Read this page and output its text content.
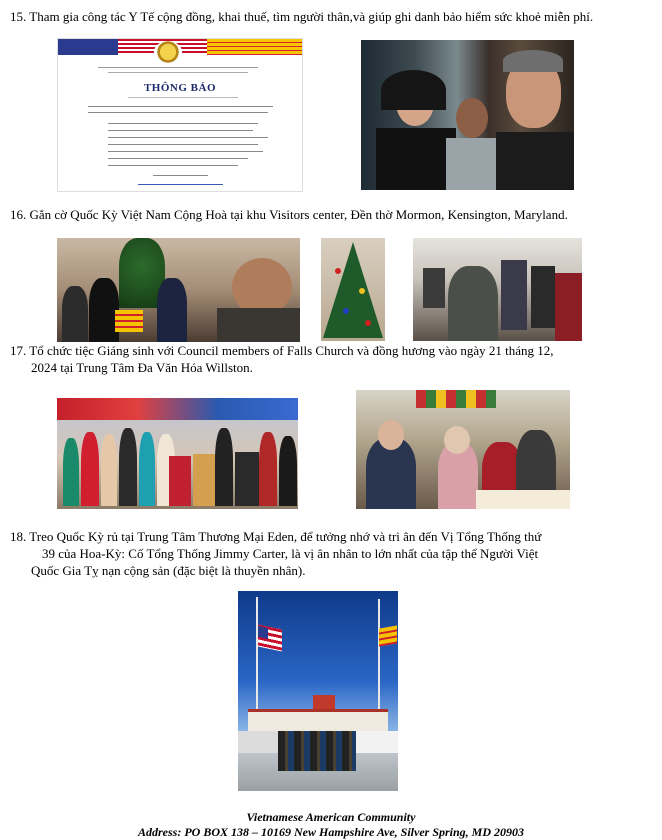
15. Tham gia công tác Y Tế cộng đồng, khai thuế, tìm người thân,và giúp ghi danh bảo hiểm sức khoẻ miễn phí.
THÔNG BÁO
16. Gắn cờ Quốc Kỳ Việt Nam Cộng Hoà tại khu Visitors center, Đền thờ Mormon, Kensington, Maryland.
17. Tổ chức tiệc Giáng sinh với Council members of Falls Church và đồng hương vào ngày 21 tháng 12,
2024 tại Trung Tâm Đa Văn Hóa Willston.
18. Treo Quốc Kỳ rủ tại Trung Tâm Thương Mại Eden, để tưởng nhớ và tri ân đến Vị Tổng Thống thứ
39 của Hoa-Kỳ: Cố Tổng Thống Jimmy Carter, là vị ân nhân to lớn nhất của tập thể Người Việt
Quốc Gia Tỵ nạn cộng sản (đặc biệt là thuyền nhân).
Vietnamese American Community
Address: PO BOX 138 – 10169 New Hampshire Ave, Silver Spring, MD 20903
